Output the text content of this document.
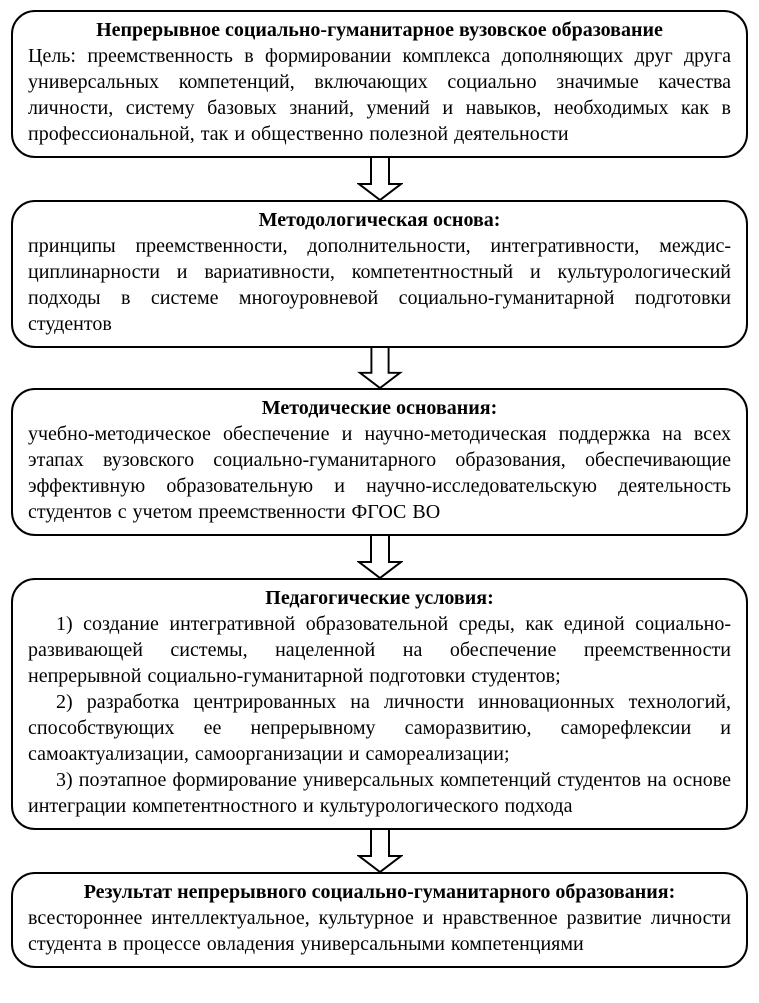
Непрерывное социально-гуманитарное вузовское образование
Цель: преемственность в формировании комплекса дополняющих друг друга универсальных компетенций, включающих социально значимые качества личности, систему базовых знаний, умений и навыков, необходимых как в профессиональной, так и общественно полезной деятельности
Методологическая основа:
принципы преемственности, дополнительности, интегративности, междисциплинарности и вариативности, компетентностный и культурологический подходы в системе многоуровневой социально-гуманитарной подготовки студентов
Методические основания:
учебно-методическое обеспечение и научно-методическая поддержка на всех этапах вузовского социально-гуманитарного образования, обеспечивающие эффективную образовательную и научно-исследовательскую деятельность студентов с учетом преемственности ФГОС ВО
Педагогические условия:

1) создание интегративной образовательной среды, как единой социально-развивающей системы, нацеленной на обеспечение преемственности непрерывной социально-гуманитарной подготовки студентов;

2) разработка центрированных на личности инновационных технологий, способствующих ее непрерывному саморазвитию, саморефлексии и самоактуализации, самоорганизации и самореализации;

3) поэтапное формирование универсальных компетенций студентов на основе интеграции компетентностного и культурологического подхода

Результат непрерывного социально-гуманитарного образования:
всестороннее интеллектуальное, культурное и нравственное развитие личности студента в процессе овладения универсальными компетенциями
